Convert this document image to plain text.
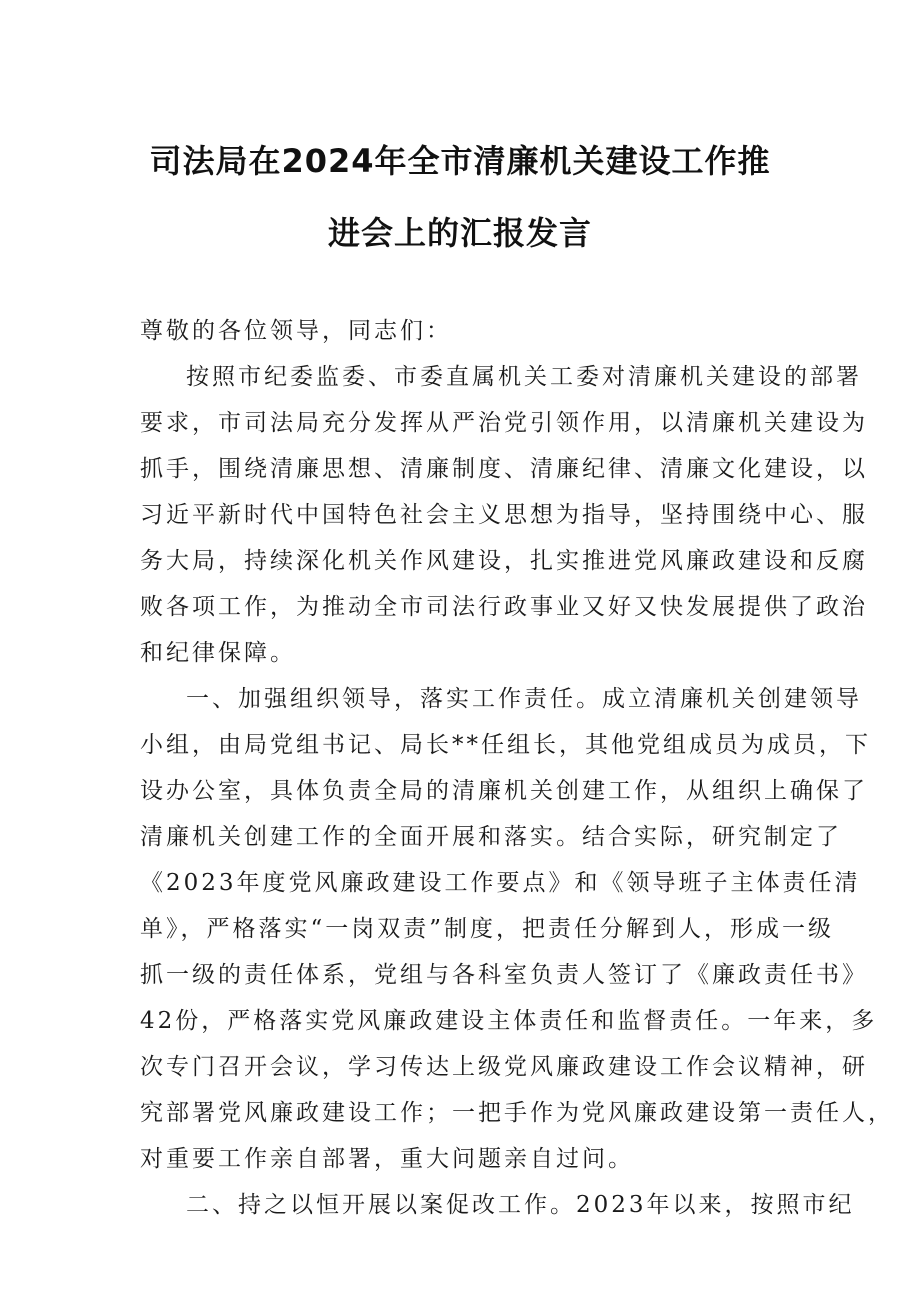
司法局在2024年全市清廉机关建设工作推
进会上的汇报发言
尊敬的各位领导，同志们：
按照市纪委监委、市委直属机关工委对清廉机关建设的部署
要求，市司法局充分发挥从严治党引领作用，以清廉机关建设为
抓手，围绕清廉思想、清廉制度、清廉纪律、清廉文化建设，以
习近平新时代中国特色社会主义思想为指导，坚持围绕中心、服
务大局，持续深化机关作风建设，扎实推进党风廉政建设和反腐
败各项工作，为推动全市司法行政事业又好又快发展提供了政治
和纪律保障。
一、加强组织领导，落实工作责任。成立清廉机关创建领导
小组，由局党组书记、局长**任组长，其他党组成员为成员，下
设办公室，具体负责全局的清廉机关创建工作，从组织上确保了
清廉机关创建工作的全面开展和落实。结合实际，研究制定了
《2023年度党风廉政建设工作要点》和《领导班子主体责任清
单》，严格落实“一岗双责”制度，把责任分解到人，形成一级
抓一级的责任体系，党组与各科室负责人签订了《廉政责任书》
42份，严格落实党风廉政建设主体责任和监督责任。一年来，多
次专门召开会议，学习传达上级党风廉政建设工作会议精神，研
究部署党风廉政建设工作；一把手作为党风廉政建设第一责任人，
对重要工作亲自部署，重大问题亲自过问。
二、持之以恒开展以案促改工作。2023年以来，按照市纪
